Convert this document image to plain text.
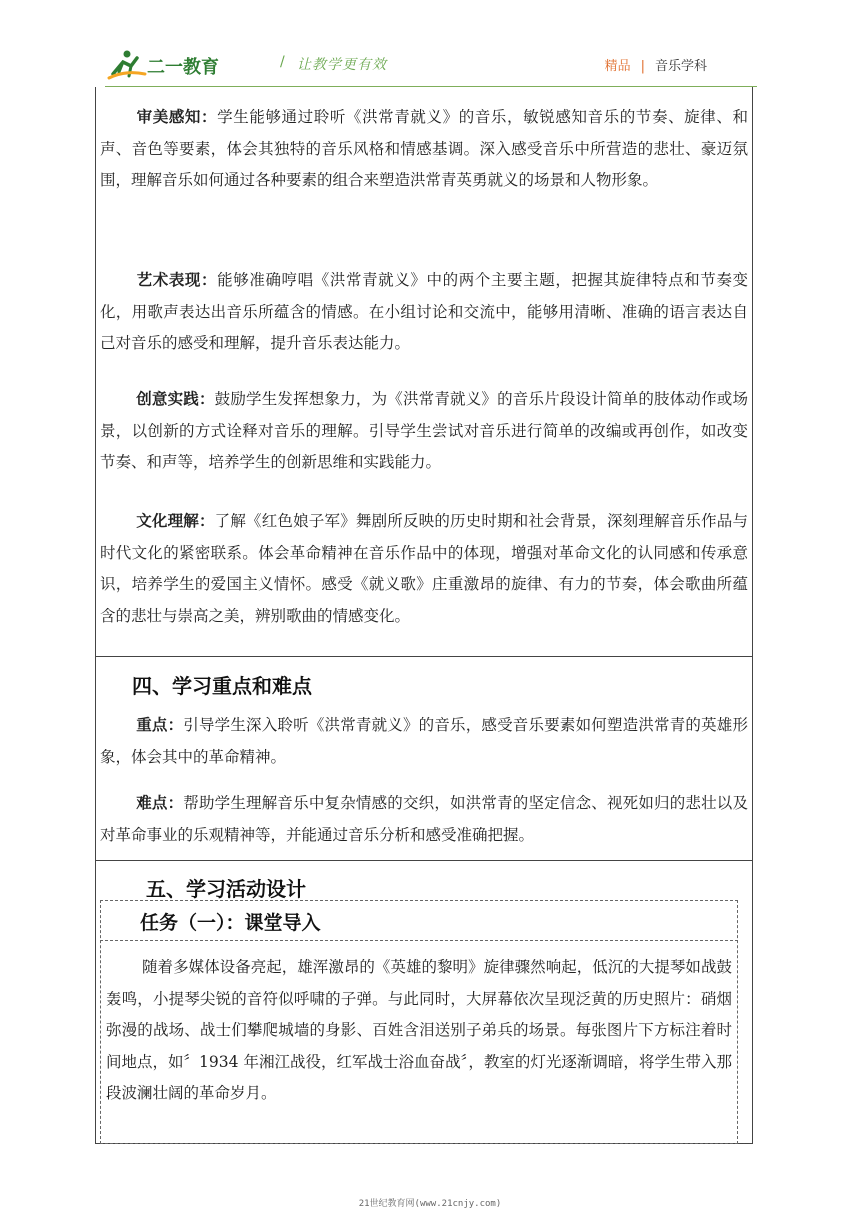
二一教育	/ 让教学更有效	精品 | 音乐学科
审美感知：学生能够通过聆听《洪常青就义》的音乐，敏锐感知音乐的节奏、旋律、和声、音色等要素，体会其独特的音乐风格和情感基调。深入感受音乐中所营造的悲壮、豪迈氛围，理解音乐如何通过各种要素的组合来塑造洪常青英勇就义的场景和人物形象。
艺术表现：能够准确哼唱《洪常青就义》中的两个主要主题，把握其旋律特点和节奏变化，用歌声表达出音乐所蕴含的情感。在小组讨论和交流中，能够用清晰、准确的语言表达自己对音乐的感受和理解，提升音乐表达能力。
创意实践：鼓励学生发挥想象力，为《洪常青就义》的音乐片段设计简单的肢体动作或场景，以创新的方式诠释对音乐的理解。引导学生尝试对音乐进行简单的改编或再创作，如改变节奏、和声等，培养学生的创新思维和实践能力。
文化理解：了解《红色娘子军》舞剧所反映的历史时期和社会背景，深刻理解音乐作品与时代文化的紧密联系。体会革命精神在音乐作品中的体现，增强对革命文化的认同感和传承意识，培养学生的爱国主义情怀。感受《就义歌》庄重激昂的旋律、有力的节奏，体会歌曲所蕴含的悲壮与崇高之美，辨别歌曲的情感变化。
四、学习重点和难点
重点：引导学生深入聆听《洪常青就义》的音乐，感受音乐要素如何塑造洪常青的英雄形象，体会其中的革命精神。
难点：帮助学生理解音乐中复杂情感的交织，如洪常青的坚定信念、视死如归的悲壮以及对革命事业的乐观精神等，并能通过音乐分析和感受准确把握。
五、学习活动设计
任务（一）：课堂导入
随着多媒体设备亮起，雄浑激昂的《英雄的黎明》旋律骤然响起，低沉的大提琴如战鼓轰鸣，小提琴尖锐的音符似呼啸的子弹。与此同时，大屏幕依次呈现泛黄的历史照片：硝烟弥漫的战场、战士们攀爬城墙的身影、百姓含泪送别子弟兵的场景。每张图片下方标注着时间地点，如〞1934 年湘江战役，红军战士浴血奋战〞，教室的灯光逐渐调暗，将学生带入那段波澜壮阔的革命岁月。
21世纪教育网(www.21cnjy.com)
